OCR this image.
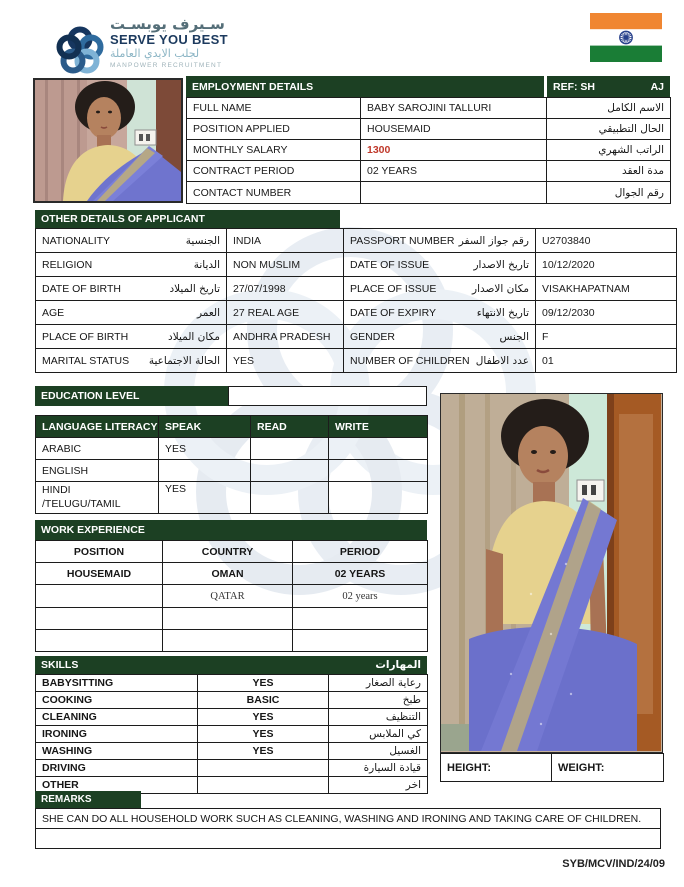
سـيرف يوبسـت
SERVE YOU BEST
لجلب الايدي العاملة
MANPOWER RECRUITMENT
EMPLOYMENT DETAILS	REF: SH	AJ
FULL NAME	BABY SAROJINI TALLURI	الاسم الكامل
POSITION APPLIED	HOUSEMAID	الحال التطبيقي
MONTHLY SALARY	1300	الراتب الشهري
CONTRACT PERIOD	02 YEARS	مدة العقد
CONTACT NUMBER		رقم الجوال
OTHER DETAILS OF APPLICANT
NATIONALITY الجنسية	INDIA	PASSPORT NUMBER رقم جواز السفر	U2703840

RELIGION الديانة	NON MUSLIM	DATE OF ISSUE تاريخ الاصدار	10/12/2020

DATE OF BIRTH تاريخ الميلاد	27/07/1998	PLACE OF ISSUE مكان الاصدار	VISAKHAPATNAM

AGE العمر	27 REAL AGE	DATE OF EXPIRY تاريخ الانتهاء	09/12/2030

PLACE OF BIRTH مكان الميلاد	ANDHRA PRADESH	GENDER الجنس	F

MARITAL STATUS الحالة الاجتماعية	YES	NUMBER OF CHILDREN عدد الاطفال	01
EDUCATION LEVEL
LANGUAGE LITERACY	SPEAK	READ	WRITE
ARABIC	YES		
ENGLISH			
HINDI /TELUGU/TAMIL	YES		
WORK EXPERIENCE
POSITION	COUNTRY	PERIOD
HOUSEMAID	OMAN	02 YEARS
	QATAR	02 years

SKILLS	المهارات
BABYSITTING	YES	رعاية الصغار
COOKING	BASIC	طبخ
CLEANING	YES	التنظيف
IRONING	YES	كي الملابس
WASHING	YES	الغسيل
DRIVING		قيادة السيارة
OTHER		اخر
REMARKS
SHE CAN DO ALL HOUSEHOLD WORK SUCH AS CLEANING, WASHING AND IRONING AND TAKING CARE OF CHILDREN.

HEIGHT:	WEIGHT:
SYB/MCV/IND/24/09
